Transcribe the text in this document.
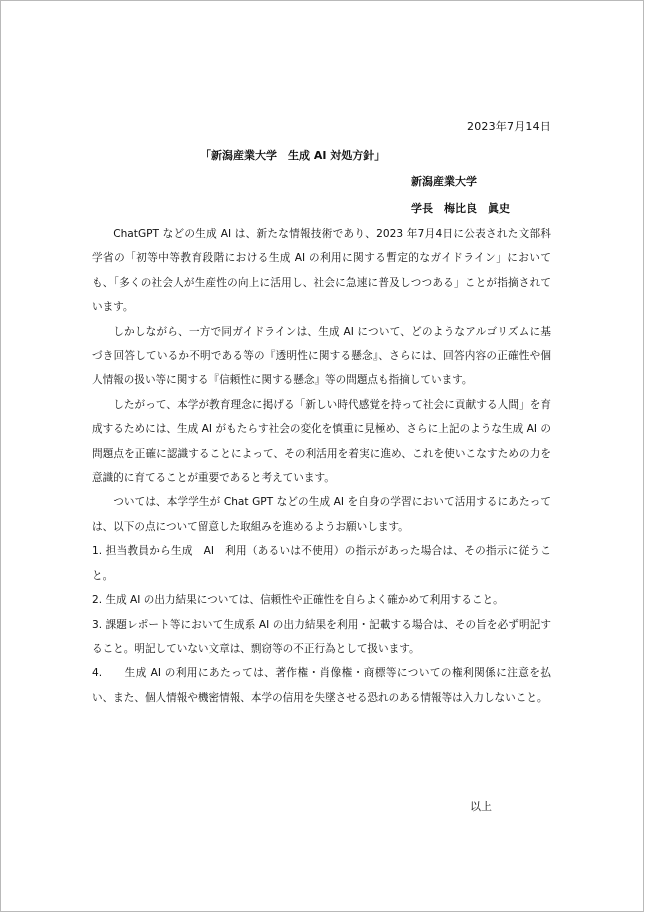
2023年7月14日
「新潟産業大学　生成 AI 対処方針」
新潟産業大学
学長　梅比良　眞史

ChatGPT などの生成 AI は、新たな情報技術であり、2023 年7月4日に公表された文部科学省の「初等中等教育段階における生成 AI の利用に関する暫定的なガイドライン」においても、「多くの社会人が生産性の向上に活用し、社会に急速に普及しつつある」ことが指摘されています。

しかしながら、一方で同ガイドラインは、生成 AI について、どのようなアルゴリズムに基づき回答しているか不明である等の『透明性に関する懸念』、さらには、回答内容の正確性や個人情報の扱い等に関する『信頼性に関する懸念』等の問題点も指摘しています。

したがって、本学が教育理念に掲げる「新しい時代感覚を持って社会に貢献する人間」を育成するためには、生成 AI がもたらす社会の変化を慎重に見極め、さらに上記のような生成 AI の問題点を正確に認識することによって、その利活用を着実に進め、これを使いこなすための力を意識的に育てることが重要であると考えています。

ついては、本学学生が Chat GPT などの生成 AI を自身の学習において活用するにあたっては、以下の点について留意した取組みを進めるようお願いします。

1. 担当教員から生成　AI　利用（あるいは不使用）の指示があった場合は、その指示に従うこと。

2. 生成 AI の出力結果については、信頼性や正確性を自らよく確かめて利用すること。

3. 課題レポート等において生成系 AI の出力結果を利用・記載する場合は、その旨を必ず明記すること。明記していない文章は、剽窃等の不正行為として扱います。

4.　　生成 AI の利用にあたっては、著作権・肖像権・商標等についての権利関係に注意を払い、また、個人情報や機密情報、本学の信用を失墜させる恐れのある情報等は入力しないこと。

以上
